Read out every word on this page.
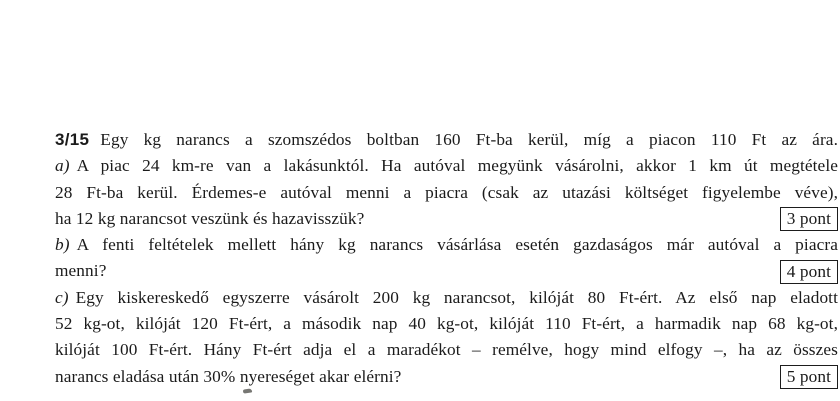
3/15 Egy kg narancs a szomszédos boltban 160 Ft-ba kerül, míg a piacon 110 Ft az ára.
a) A piac 24 km-re van a lakásunktól. Ha autóval megyünk vásárolni, akkor 1 km út megtétele
28 Ft-ba kerül. Érdemes-e autóval menni a piacra (csak az utazási költséget figyelembe véve),
ha 12 kg narancsot veszünk és hazavisszük?	3 pont
b) A fenti feltételek mellett hány kg narancs vásárlása esetén gazdaságos már autóval a piacra
menni?	4 pont
c) Egy kiskereskedő egyszerre vásárolt 200 kg narancsot, kilóját 80 Ft-ért. Az első nap eladott
52 kg-ot, kilóját 120 Ft-ért, a második nap 40 kg-ot, kilóját 110 Ft-ért, a harmadik nap 68 kg-ot,
kilóját 100 Ft-ért. Hány Ft-ért adja el a maradékot – remélve, hogy mind elfogy –, ha az összes
narancs eladása után 30% nyereséget akar elérni?	5 pont
